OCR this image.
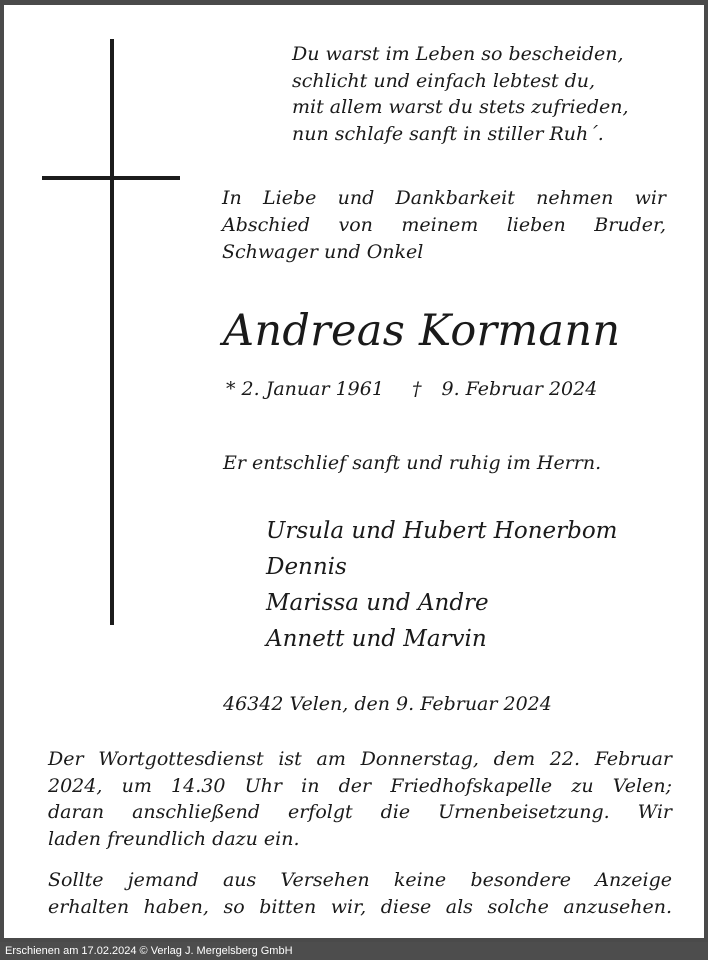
Du warst im Leben so bescheiden,
schlicht und einfach lebtest du,
mit allem warst du stets zufrieden,
nun schlafe sanft in stiller Ruh´.
In Liebe und Dankbarkeit nehmen wir
Abschied von meinem lieben Bruder,
Schwager und Onkel
Andreas Kormann
* 2. Januar 1961 † 9. Februar 2024
Er entschlief sanft und ruhig im Herrn.
Ursula und Hubert Honerbom
Dennis
Marissa und Andre
Annett und Marvin
46342 Velen, den 9. Februar 2024
Der Wortgottesdienst ist am Donnerstag, dem 22. Februar
2024, um 14.30 Uhr in der Friedhofskapelle zu Velen;
daran anschließend erfolgt die Urnenbeisetzung. Wir
laden freundlich dazu ein.
Sollte jemand aus Versehen keine besondere Anzeige
erhalten haben, so bitten wir, diese als solche anzusehen.
Erschienen am 17.02.2024 © Verlag J. Mergelsberg GmbH
